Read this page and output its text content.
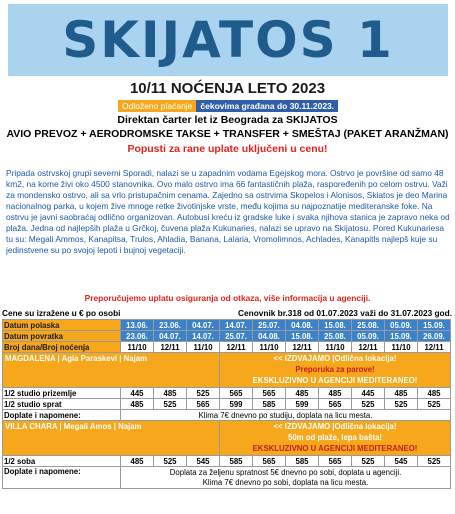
SKIJATOS 1
10/11 NOĆENJA LETO 2023
Odloženo plaćanje čekovima građana do 30.11.2023.
Direktan čarter let iz Beograda za SKIJATOS
AVIO PREVOZ + AERODROMSKE TAKSE + TRANSFER + SMEŠTAJ (PAKET ARANŽMAN)
Popusti za rane uplate uključeni u cenu!
Pripada ostrvskoj grupi severni Sporadi, nalazi se u zapadnim vodama Egejskog mora. Ostrvo je površine od samo 48 km2, na kome živi oko 4500 stanovnika. Ovo malo ostrvo ima 66 fantastičnih plaža, raspoređenih po celom ostrvu. Važi za mondensko ostrvo, ali sa vrlo pristupačnim cenama. Zajedno sa ostrvima Skopelos i Alonisos, Skiatos je deo Marina nacionalnog parka, u kojem žive mnoge retke životinjske vrste, među kojima su najpoznatije mediteranske foke. Na ostrvu je javni saobraćaj odlično organizovan. Autobusi kreću iz gradske luke i svaka njihova stanica je zapravo neka od plaža. Jedna od najlepših plaža u Grčkoj, čuvena plaža Kukunaries, nalazi se upravo na Skijatosu. Pored Kukunariesa tu su: Megali Ammos, Kanapitsa, Trulos, Ahladia, Banana, Lalaria, Vromolimnos, Achlades, Kanapitls najlepš kuje su jedinstvene su po svojoj lepoti i bujnoj vegetaciji.
Preporučujemo uplatu osiguranja od otkaza, više informacija u agenciji.
Cene su izražene u € po osobi	Cenovnik br.318 od 01.07.2023 važi do 31.07.2023 god.
Datum polaska	13.06.	23.06.	04.07.	14.07.	25.07.	04.08.	15.08.	25.08.	05.09.	15.09.
Datum povratka	23.06.	04.07.	14.07.	25.07.	04.08.	15.08.	25.08.	05.09.	15.09.	26.09.
Broj dana/Broj noćenja	11/10	12/11	11/10	12/11	11/10	12/11	11/10	12/11	11/10	12/11
MAGDALENA | Agia Paraskevi | Najam				<< IZDVAJAMO |Odlična lokacija!
Preporuka za parove!
EKSKLUZIVNO U AGENCIJI MEDITERANEO!						

1/2 studio prizemlje	445	485	525	565	565	485	485	445	485	485
1/2 studio sprat	485	525	565	599	585	599	565	525	525	525
Doplate i napomene:	Klima 7€ dnevno po studiju, doplata na licu mesta.									
VILLA CHARA | Megali Amos | Najam				<< IZDVAJAMO |Odlična lokacija!
50m od plaže, lepa bašta!
EKSKLUZIVNO U AGENCIJI MEDITERANEO!						

1/2 soba	485	525	545	585	565	585	565	525	545	525
Doplate i napomene:	Doplata za željenu spratnost 5€ dnevno po sobi, doplata u agenciji.
Klima 7€ dnevno po sobi, doplata na licu mesta.									
